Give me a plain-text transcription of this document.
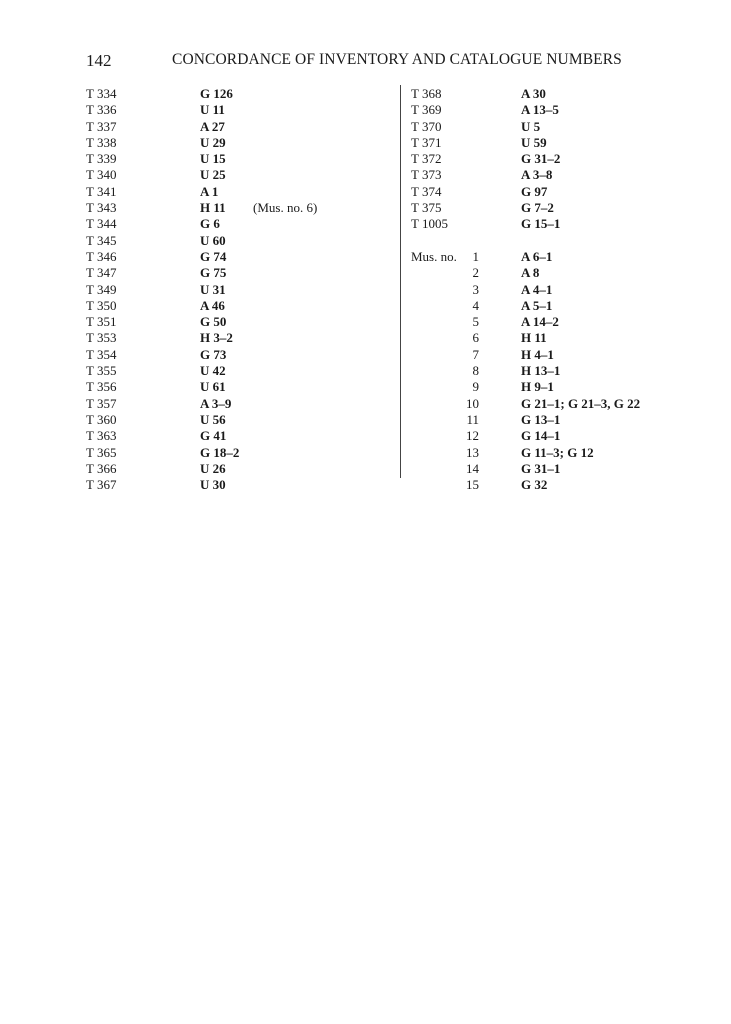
142	CONCORDANCE OF INVENTORY AND CATALOGUE NUMBERS
T 334	G 126
T 336	U 11
T 337	A 27
T 338	U 29
T 339	U 15
T 340	U 25
T 341	A 1
T 343	H 11 (Mus. no. 6)
T 344	G 6
T 345	U 60
T 346	G 74
T 347	G 75
T 349	U 31
T 350	A 46
T 351	G 50
T 353	H 3–2
T 354	G 73
T 355	U 42
T 356	U 61
T 357	A 3–9
T 360	U 56
T 363	G 41
T 365	G 18–2
T 366	U 26
T 367	U 30
T 368	A 30
T 369	A 13–5
T 370	U 5
T 371	U 59
T 372	G 31–2
T 373	A 3–8
T 374	G 97
T 375	G 7–2
T 1005	G 15–1
Mus. no.	1	A 6–1
2	A 8
3	A 4–1
4	A 5–1
5	A 14–2
6	H 11
7	H 4–1
8	H 13–1
9	H 9–1
10	G 21–1; G 21–3, G 22
11	G 13–1
12	G 14–1
13	G 11–3; G 12
14	G 31–1
15	G 32
